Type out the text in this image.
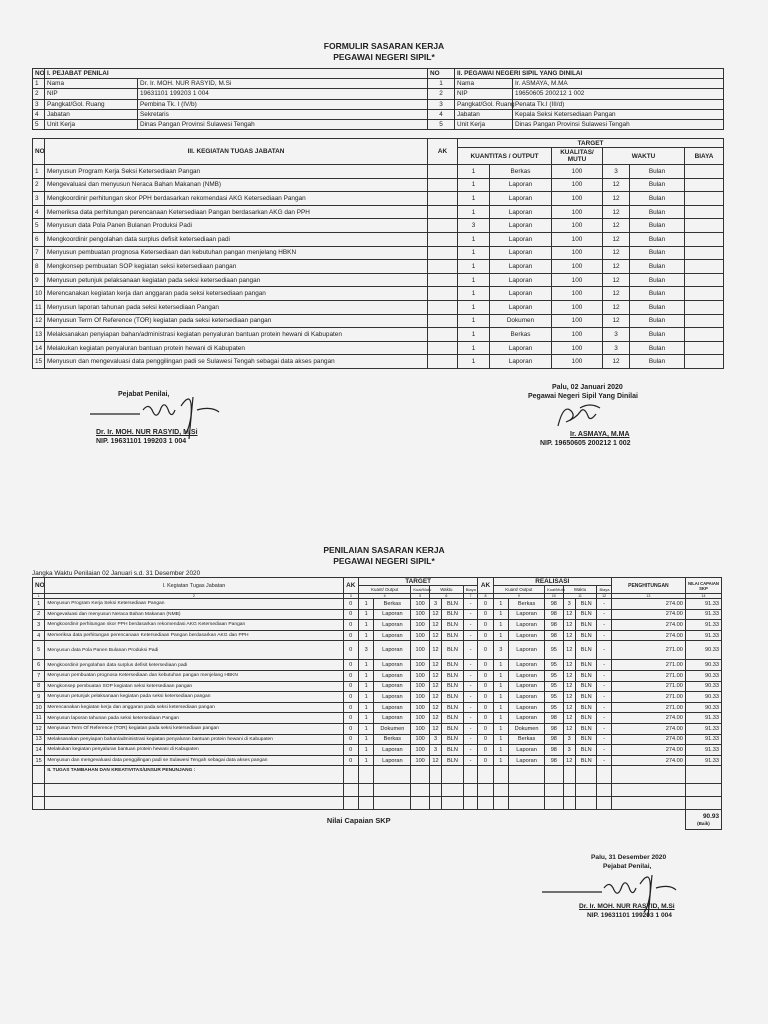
FORMULIR SASARAN KERJA
PEGAWAI NEGERI SIPIL*
NO	I. PEJABAT PENILAI		NO	II. PEGAWAI NEGERI SIPIL YANG DINILAI	
1	Nama	Dr. Ir. MOH. NUR RASYID, M.Si	1	Nama	Ir. ASMAYA, M.MA
2	NIP	19631101 199203 1 004	2	NIP	19650605 200212 1 002
3	Pangkat/Gol. Ruang	Pembina Tk. I (IV/b)	3	Pangkat/Gol. Ruang	Penata Tk.I (III/d)
4	Jabatan	Sekretaris	4	Jabatan	Kepala Seksi Ketersediaan Pangan
5	Unit Kerja	Dinas Pangan Provinsi Sulawesi Tengah	5	Unit Kerja	Dinas Pangan Provinsi Sulawesi Tengah
NO	III. KEGIATAN TUGAS JABATAN	AK	TARGET					
			KUANTITAS / OUTPUT		KUALITAS/ MUTU	WAKTU		BIAYA
1	Menyusun Program Kerja Seksi Ketersediaan Pangan		1	Berkas	100	3	Bulan	
2	Mengevaluasi dan menyusun Neraca Bahan Makanan (NMB)		1	Laporan	100	12	Bulan	
3	Mengkoordinir perhitungan skor PPH berdasarkan rekomendasi AKG Ketersediaan Pangan		1	Laporan	100	12	Bulan	
4	Memeriksa data perhitungan perencanaan Ketersediaan Pangan berdasarkan AKG dan PPH		1	Laporan	100	12	Bulan	
5	Menyusun data Pola Panen Bulanan Produksi Padi		3	Laporan	100	12	Bulan	
6	Mengkoordinir pengolahan data surplus defisit ketersediaan padi		1	Laporan	100	12	Bulan	
7	Menyusun pembuatan prognosa Ketersediaan dan kebutuhan pangan menjelang HBKN		1	Laporan	100	12	Bulan	
8	Mengkonsep pembuatan SOP kegiatan seksi ketersediaan pangan		1	Laporan	100	12	Bulan	
9	Menyusun petunjuk pelaksanaan kegiatan pada seksi ketersediaan pangan		1	Laporan	100	12	Bulan	
10	Merencanakan kegiatan kerja dan anggaran pada seksi ketersediaan pangan		1	Laporan	100	12	Bulan	
11	Menyusun laporan tahunan pada seksi ketersediaan Pangan		1	Laporan	100	12	Bulan	
12	Menyusun Term Of Reference (TOR) kegiatan pada seksi ketersediaan pangan		1	Dokumen	100	12	Bulan	
13	Melaksanakan penyiapan bahan/administrasi kegiatan penyaluran bantuan protein hewani di Kabupaten		1	Berkas	100	3	Bulan	
14	Melakukan kegiatan penyaluran bantuan protein hewani di Kabupaten		1	Laporan	100	3	Bulan	
15	Menyusun dan mengevaluasi data penggilingan padi se Sulawesi Tengah sebagai data akses pangan		1	Laporan	100	12	Bulan	
Pejabat Penilai,
Dr. Ir. MOH. NUR RASYID, M.Si
NIP. 19631101 199203 1 004
Palu, 02 Januari 2020
Pegawai Negeri Sipil Yang Dinilai
Ir. ASMAYA, M.MA
NIP. 19650605 200212 1 002
PENILAIAN SASARAN KERJA
PEGAWAI NEGERI SIPIL*
Jangka Waktu Penilaian 02 Januari s.d. 31 Desember 2020
NO	I. Kegiatan Tugas Jabatan	AK	TARGET						AK	REALISASI						PENGHITUNGAN	NILAI CAPAIAN SKP
			Kuant/ Output		Kual/Mutu	Waktu		Biaya		Kuant/ Output		Kual/Mutu	Waktu		Biaya		
1	2	3	4		5	6		7	8	9		10	11		12	13	14
1	Menyusun Program Kerja Seksi Ketersediaan Pangan	0	1	Berkas	100	3	BLN	-	0	1	Berkas	98	3	BLN	-	274.00	91.33
2	Mengevaluasi dan menyusun Neraca Bahan Makanan (NMB)	0	1	Laporan	100	12	BLN	-	0	1	Laporan	98	12	BLN	-	274.00	91.33
3	Mengkoordinir perhitungan skor PPH berdasarkan rekomendasi AKG Ketersediaan Pangan	0	1	Laporan	100	12	BLN	-	0	1	Laporan	98	12	BLN	-	274.00	91.33
4	Memeriksa data perhitungan perencanaan Ketersediaan Pangan berdasarkan AKG dan PPH	0	1	Laporan	100	12	BLN	-	0	1	Laporan	98	12	BLN	-	274.00	91.33
5	Menyusun data Pola Panen Bulanan Produksi Padi	0	3	Laporan	100	12	BLN	-	0	3	Laporan	95	12	BLN	-	271.00	90.33
6	Mengkoordinir pengolahan data surplus defisit ketersediaan padi	0	1	Laporan	100	12	BLN	-	0	1	Laporan	95	12	BLN	-	271.00	90.33
7	Menyusun pembuatan prognosa Ketersediaan dan kebutuhan pangan menjelang HBKN	0	1	Laporan	100	12	BLN	-	0	1	Laporan	95	12	BLN	-	271.00	90.33
8	Mengkonsep pembuatan SOP kegiatan seksi ketersediaan pangan	0	1	Laporan	100	12	BLN	-	0	1	Laporan	95	12	BLN	-	271.00	90.33
9	Menyusun petunjuk pelaksanaan kegiatan pada seksi ketersediaan pangan	0	1	Laporan	100	12	BLN	-	0	1	Laporan	95	12	BLN	-	271.00	90.33
10	Merencanakan kegiatan kerja dan anggaran pada seksi ketersediaan pangan	0	1	Laporan	100	12	BLN	-	0	1	Laporan	95	12	BLN	-	271.00	90.33
11	Menyusun laporan tahunan pada seksi ketersediaan Pangan	0	1	Laporan	100	12	BLN	-	0	1	Laporan	98	12	BLN	-	274.00	91.33
12	Menyusun Term Of Reference (TOR) kegiatan pada seksi ketersediaan pangan	0	1	Dokumen	100	12	BLN	-	0	1	Dokumen	98	12	BLN	-	274.00	91.33
13	Melaksanakan penyiapan bahan/administrasi kegiatan penyaluran bantuan protein hewani di Kabupaten	0	1	Berkas	100	3	BLN	-	0	1	Berkas	98	3	BLN	-	274.00	91.33
14	Melakukan kegiatan penyaluran bantuan protein hewani di Kabupaten	0	1	Laporan	100	3	BLN	-	0	1	Laporan	98	3	BLN	-	274.00	91.33
15	Menyusun dan mengevaluasi data penggilingan padi se Sulawesi Tengah sebagai data akses pangan	0	1	Laporan	100	12	BLN	-	0	1	Laporan	98	12	BLN	-	274.00	91.33
	II. TUGAS TAMBAHAN DAN KREATIVITAS/UNSUR PENUNJANG :																

Nilai Capaian SKP																	90.93
(Baik)
Palu, 31 Desember 2020
Pejabat Penilai,
Dr. Ir. MOH. NUR RASYID, M.Si
NIP. 19631101 199203 1 004
